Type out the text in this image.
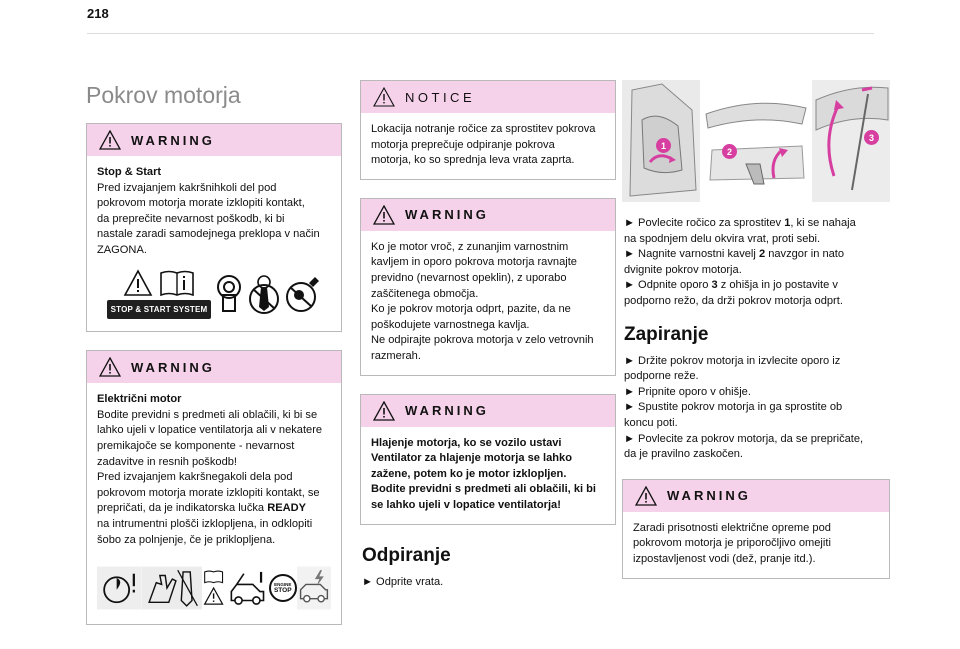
218
Pokrov motorja
WARNING

Stop & Start

Pred izvajanjem kakršnihkoli del pod

pokrovom motorja morate izklopiti kontakt,

da preprečite nevarnost poškodb, ki bi

nastale zaradi samodejnega preklopa v način

ZAGONA.

STOP & START SYSTEM
WARNING

Električni motor

Bodite previdni s predmeti ali oblačili, ki bi se

lahko ujeli v lopatice ventilatorja ali v nekatere

premikajoče se komponente - nevarnost

zadavitve in resnih poškodb!

Pred izvajanjem kakršnegakoli dela pod

pokrovom motorja morate izklopiti kontakt, se

prepričati, da je indikatorska lučka READY

na intrumentni plošči izklopljena, in odklopiti

šobo za polnjenje, če je priklopljena.

ENGINE
STOP
NOTICE

Lokacija notranje ročice za sprostitev pokrova

motorja preprečuje odpiranje pokrova

motorja, ko so sprednja leva vrata zaprta.

WARNING

Ko je motor vroč, z zunanjim varnostnim

kavljem in oporo pokrova motorja ravnajte

previdno (nevarnost opeklin), z uporabo

zaščitenega območja.

Ko je pokrov motorja odprt, pazite, da ne

poškodujete varnostnega kavlja.

Ne odpirajte pokrova motorja v zelo vetrovnih

razmerah.

WARNING

Hlajenje motorja, ko se vozilo ustavi

Ventilator za hlajenje motorja se lahko

zažene, potem ko je motor izklopljen.

Bodite previdni s predmeti ali oblačili, ki bi

se lahko ujeli v lopatice ventilatorja!

Odpiranje

► Odprite vrata.

1
2
3

► Povlecite ročico za sprostitev 1, ki se nahaja

na spodnjem delu okvira vrat, proti sebi.

► Nagnite varnostni kavelj 2 navzgor in nato

dvignite pokrov motorja.

► Odpnite oporo 3 z ohišja in jo postavite v

podporno režo, da drži pokrov motorja odprt.

Zapiranje

► Držite pokrov motorja in izvlecite oporo iz

podporne reže.

► Pripnite oporo v ohišje.

► Spustite pokrov motorja in ga sprostite ob

koncu poti.

► Povlecite za pokrov motorja, da se prepričate,

da je pravilno zaskočen.

WARNING

Zaradi prisotnosti električne opreme pod

pokrovom motorja je priporočljivo omejiti

izpostavljenost vodi (dež, pranje itd.).
